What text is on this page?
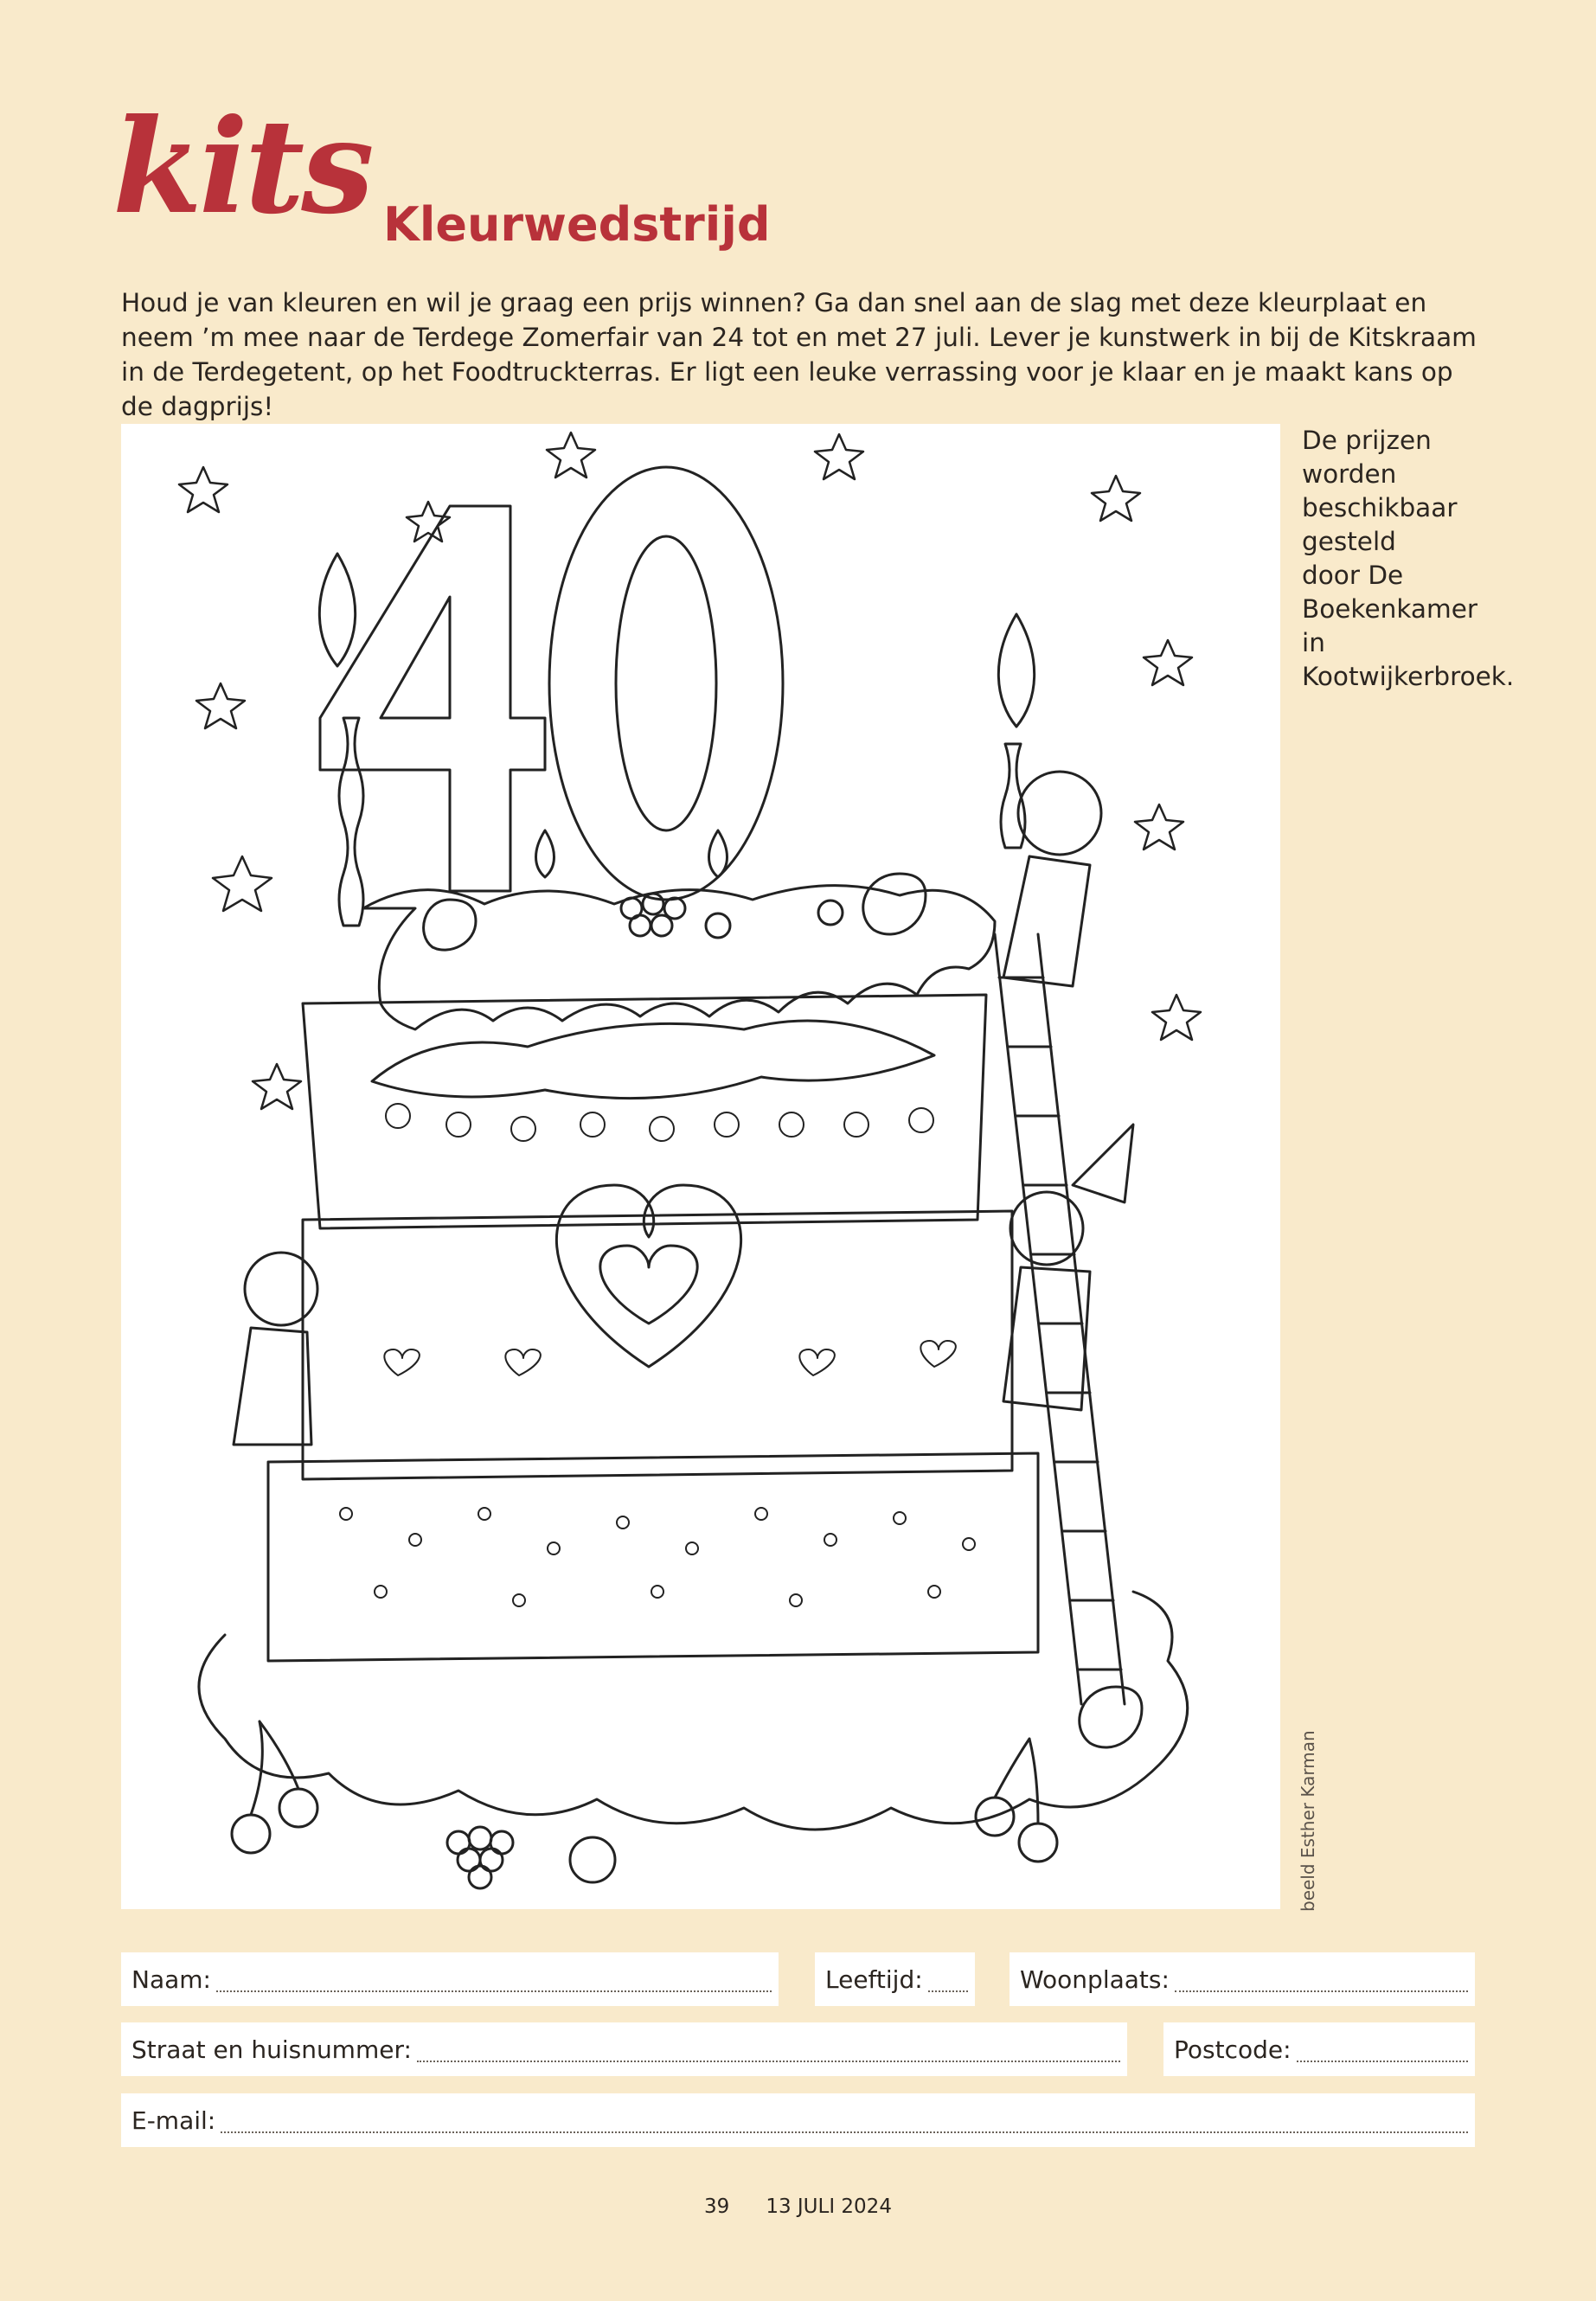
kits Kleurwedstrijd

Houd je van kleuren en wil je graag een prijs winnen? Ga dan snel aan de slag met deze kleurplaat en neem ’m mee naar de Terdege Zomerfair van 24 tot en met 27 juli. Lever je kunstwerk in bij de Kitskraam in de Terdegetent, op het Foodtruckterras. Er ligt een leuke verrassing voor je klaar en je maakt kans op de dagprijs!

De prijzen worden beschikbaar gesteld door De Boekenkamer in Kootwijkerbroek.

beeld Esther Karman
Naam:	Leeftijd:	Woonplaats:
Straat en huisnummer:	Postcode:
E-mail:
39 13 JULI 2024
